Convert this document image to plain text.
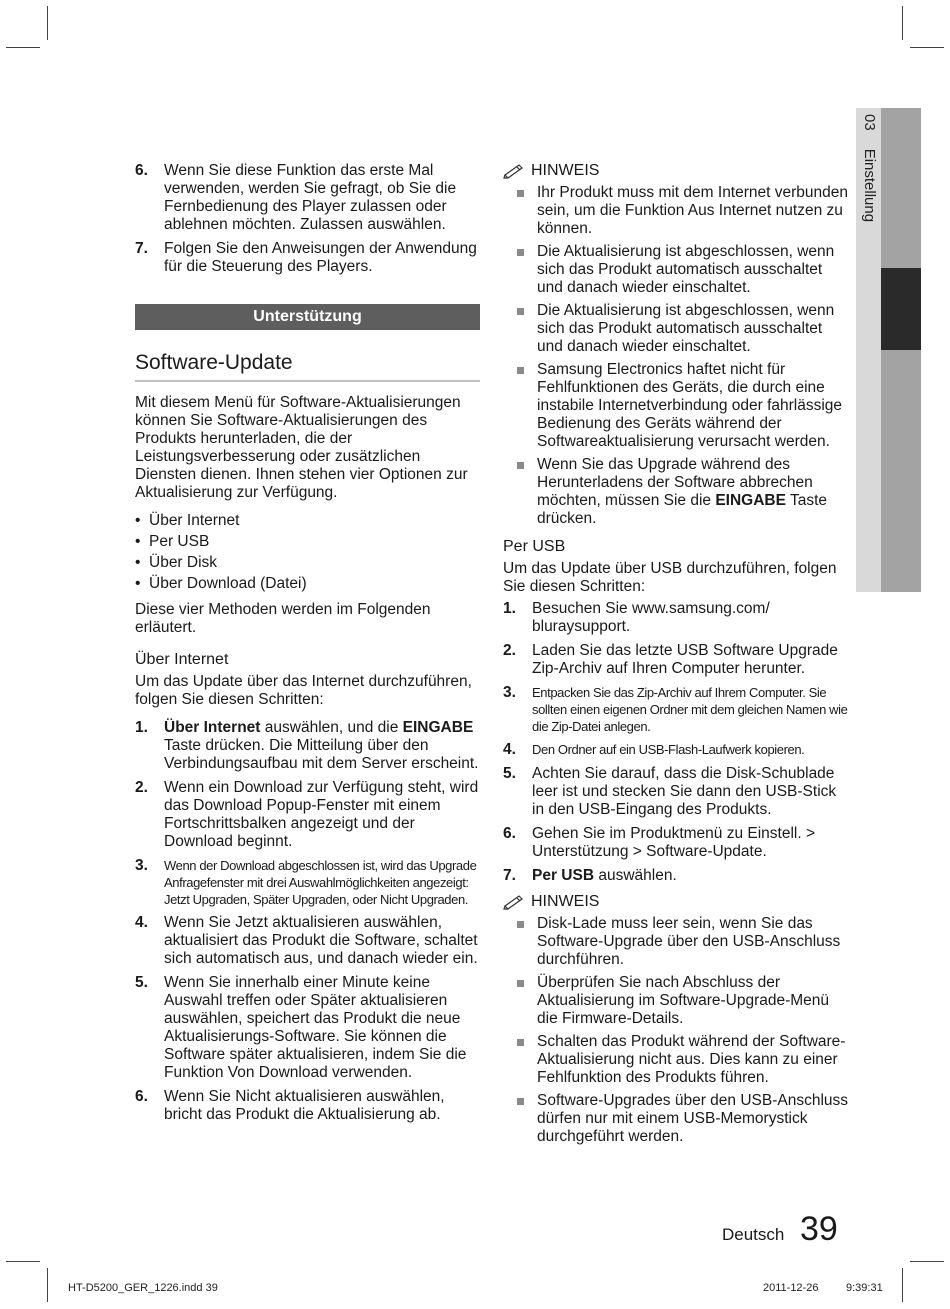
03Einstellung
6.	Wenn Sie diese Funktion das erste Mal verwenden, werden Sie gefragt, ob Sie die Fernbedienung des Player zulassen oder ablehnen möchten. Zulassen auswählen.
7.	Folgen Sie den Anweisungen der Anwendung für die Steuerung des Players.
Unterstützung
Software-Update
Mit diesem Menü für Software-Aktualisierungen können Sie Software-Aktualisierungen des Produkts herunterladen, die der Leistungsverbesserung oder zusätzlichen Diensten dienen. Ihnen stehen vier Optionen zur Aktualisierung zur Verfügung.
• Über Internet
• Per USB
• Über Disk
• Über Download (Datei)
Diese vier Methoden werden im Folgenden erläutert.
Über Internet
Um das Update über das Internet durchzuführen, folgen Sie diesen Schritten:
1.	Über Internet auswählen, und die EINGABE Taste drücken. Die Mitteilung über den Verbindungsaufbau mit dem Server erscheint.
2.	Wenn ein Download zur Verfügung steht, wird das Download Popup-Fenster mit einem Fortschrittsbalken angezeigt und der Download beginnt.
3.	Wenn der Download abgeschlossen ist, wird das Upgrade Anfragefenster mit drei Auswahlmöglichkeiten angezeigt: Jetzt Upgraden, Später Upgraden, oder Nicht Upgraden.
4.	Wenn Sie Jetzt aktualisieren auswählen, aktualisiert das Produkt die Software, schaltet sich automatisch aus, und danach wieder ein.
5.	Wenn Sie innerhalb einer Minute keine Auswahl treffen oder Später aktualisieren auswählen, speichert das Produkt die neue Aktualisierungs-Software. Sie können die Software später aktualisieren, indem Sie die Funktion Von Download verwenden.
6.	Wenn Sie Nicht aktualisieren auswählen, bricht das Produkt die Aktualisierung ab.
HINWEIS
Ihr Produkt muss mit dem Internet verbunden sein, um die Funktion Aus Internet nutzen zu können.
Die Aktualisierung ist abgeschlossen, wenn sich das Produkt automatisch ausschaltet und danach wieder einschaltet.
Die Aktualisierung ist abgeschlossen, wenn sich das Produkt automatisch ausschaltet und danach wieder einschaltet.
Samsung Electronics haftet nicht für Fehlfunktionen des Geräts, die durch eine instabile Internetverbindung oder fahrlässige Bedienung des Geräts während der Softwareaktualisierung verursacht werden.
Wenn Sie das Upgrade während des Herunterladens der Software abbrechen möchten, müssen Sie die EINGABE Taste drücken.
Per USB
Um das Update über USB durchzuführen, folgen Sie diesen Schritten:
1.	Besuchen Sie www.samsung.com/ bluraysupport.
2.	Laden Sie das letzte USB Software Upgrade Zip-Archiv auf Ihren Computer herunter.
3.	Entpacken Sie das Zip-Archiv auf Ihrem Computer. Sie sollten einen eigenen Ordner mit dem gleichen Namen wie die Zip-Datei anlegen.
4.	Den Ordner auf ein USB-Flash-Laufwerk kopieren.
5.	Achten Sie darauf, dass die Disk-Schublade leer ist und stecken Sie dann den USB-Stick in den USB-Eingang des Produkts.
6.	Gehen Sie im Produktmenü zu Einstell. > Unterstützung > Software-Update.
7.	Per USB auswählen.
HINWEIS
Disk-Lade muss leer sein, wenn Sie das Software-Upgrade über den USB-Anschluss durchführen.
Überprüfen Sie nach Abschluss der Aktualisierung im Software-Upgrade-Menü die Firmware-Details.
Schalten das Produkt während der Software-Aktualisierung nicht aus. Dies kann zu einer Fehlfunktion des Produkts führen.
Software-Upgrades über den USB-Anschluss dürfen nur mit einem USB-Memorystick durchgeführt werden.
Deutsch 39
HT-D5200_GER_1226.indd 39	2011-12-26	9:39:31
